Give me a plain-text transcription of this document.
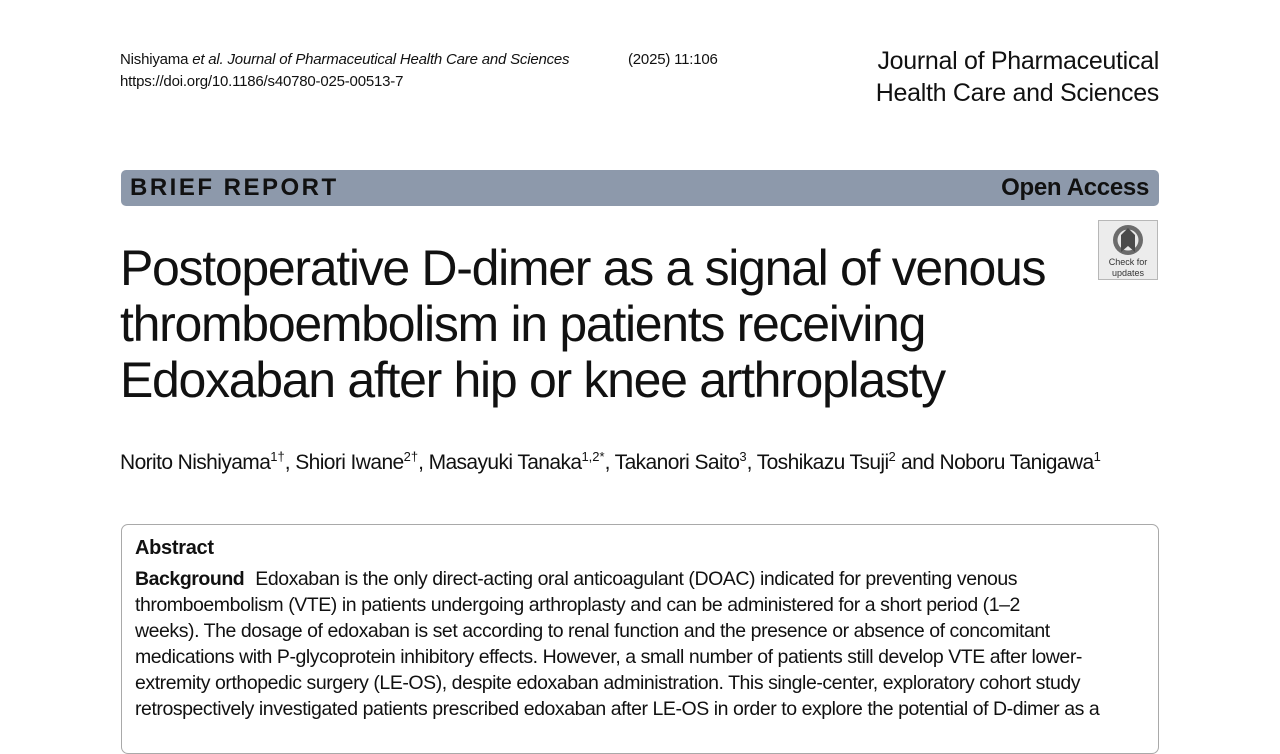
Nishiyama
et al.
Journal of Pharmaceutical Health Care and Sciences	(2025) 11:106
https://doi.org/10.1186/s40780-025-00513-7
Journal of Pharmaceutical
Health Care and Sciences
BRIEF REPORT	Open Access
Check for
updates
Postoperative D-dimer as a signal of venous
thromboembolism in patients receiving
Edoxaban after hip or knee arthroplasty
Norito Nishiyama$^{1\dagger}$, Shiori Iwane$^{2\dagger}$, Masayuki Tanaka$^{1,2*}$, Takanori Saito$^3$, Toshikazu Tsuji$^2$ and Noboru Tanigawa$^1$
Abstract
Background Edoxaban is the only direct-acting oral anticoagulant (DOAC) indicated for preventing venous
thromboembolism (VTE) in patients undergoing arthroplasty and can be administered for a short period (1–2
weeks). The dosage of edoxaban is set according to renal function and the presence or absence of concomitant
medications with P-glycoprotein inhibitory effects. However, a small number of patients still develop VTE after lower-
extremity orthopedic surgery (LE-OS), despite edoxaban administration. This single-center, exploratory cohort study
retrospectively investigated patients prescribed edoxaban after LE-OS in order to explore the potential of D-dimer as a
